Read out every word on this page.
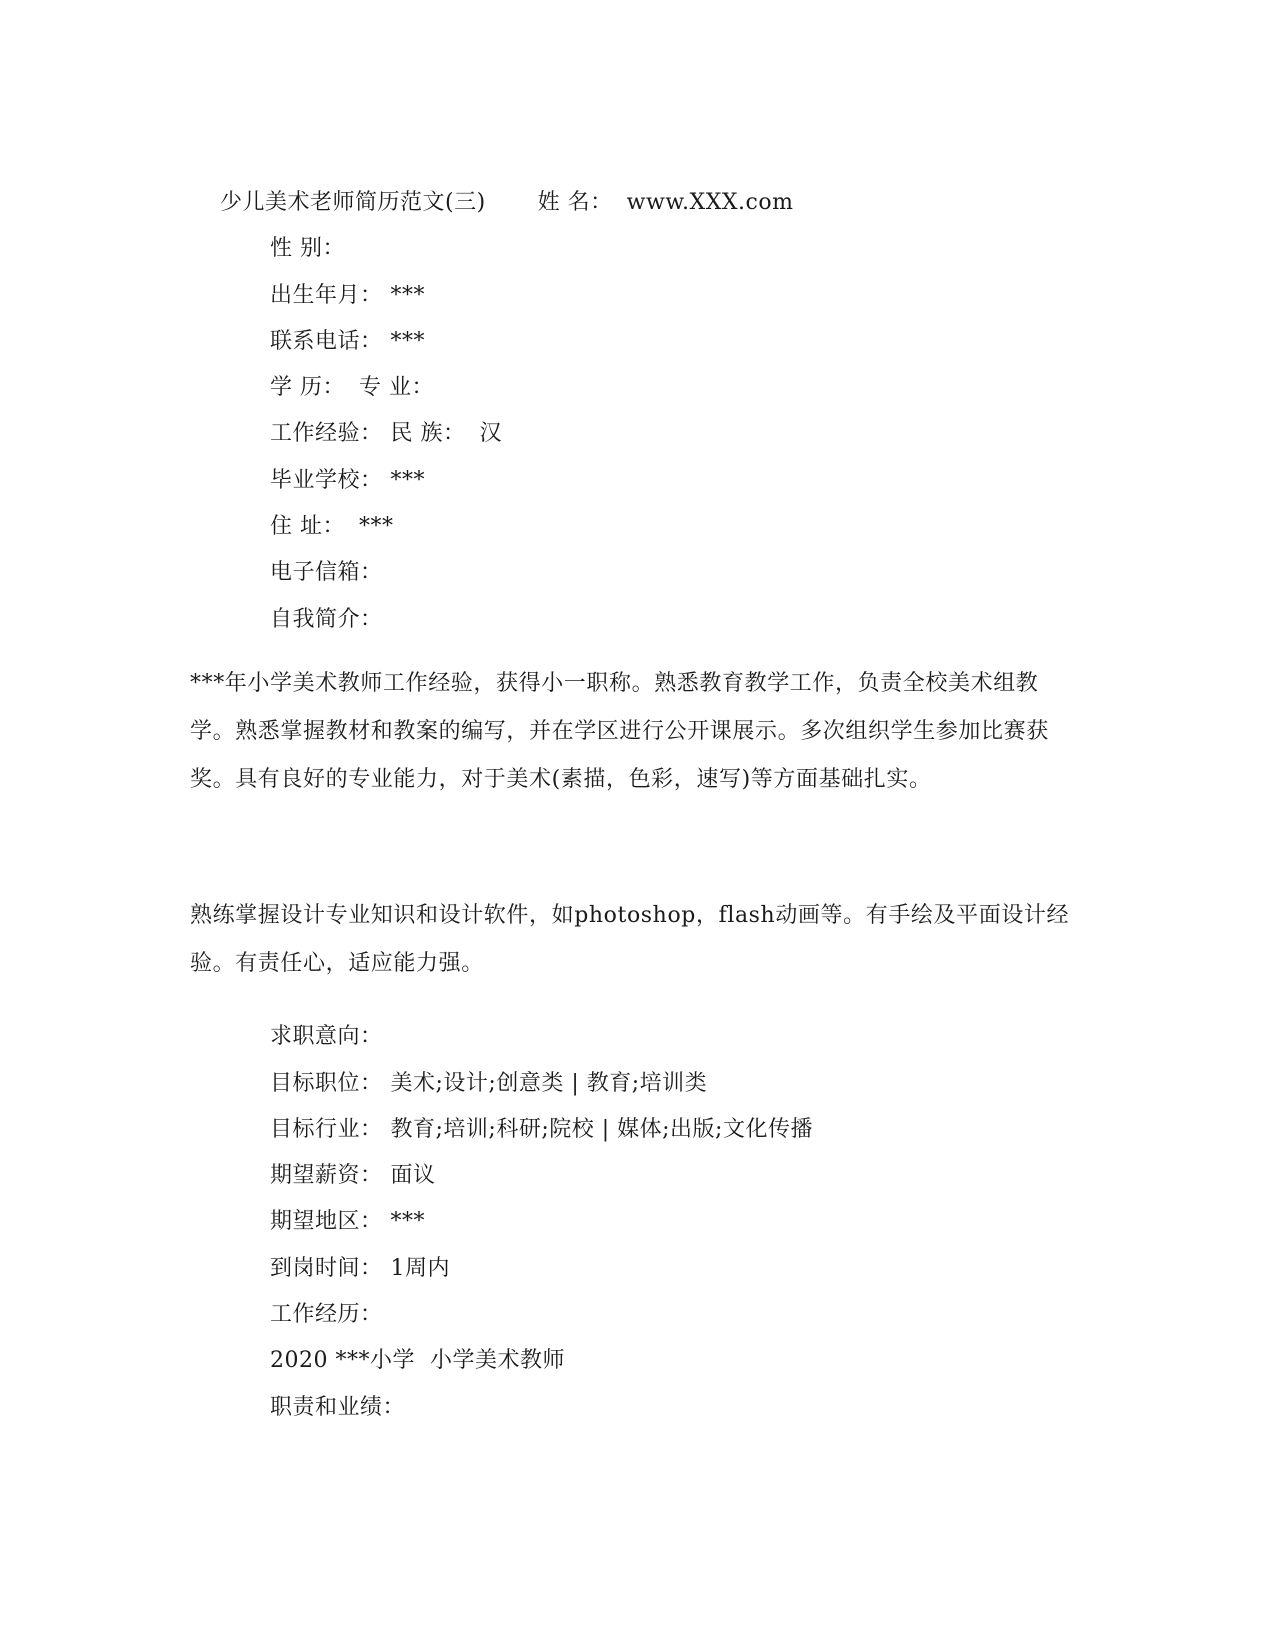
少儿美术老师简历范文(三) 姓 名： www.XXX.com

性 别：

出生年月： ***

联系电话： ***

学 历： 专 业：

工作经验： 民 族： 汉

毕业学校： ***

住 址： ***

电子信箱：

自我简介：

***年小学美术教师工作经验，获得小一职称。熟悉教育教学工作，负责全校美术组教学。熟悉掌握教材和教案的编写，并在学区进行公开课展示。多次组织学生参加比赛获奖。具有良好的专业能力，对于美术(素描，色彩，速写)等方面基础扎实。
熟练掌握设计专业知识和设计软件，如photoshop，flash动画等。有手绘及平面设计经验。有责任心，适应能力强。

求职意向：

目标职位： 美术;设计;创意类 | 教育;培训类

目标行业： 教育;培训;科研;院校 | 媒体;出版;文化传播

期望薪资： 面议

期望地区： ***

到岗时间： 1周内

工作经历：

2020 ***小学  小学美术教师

职责和业绩：
